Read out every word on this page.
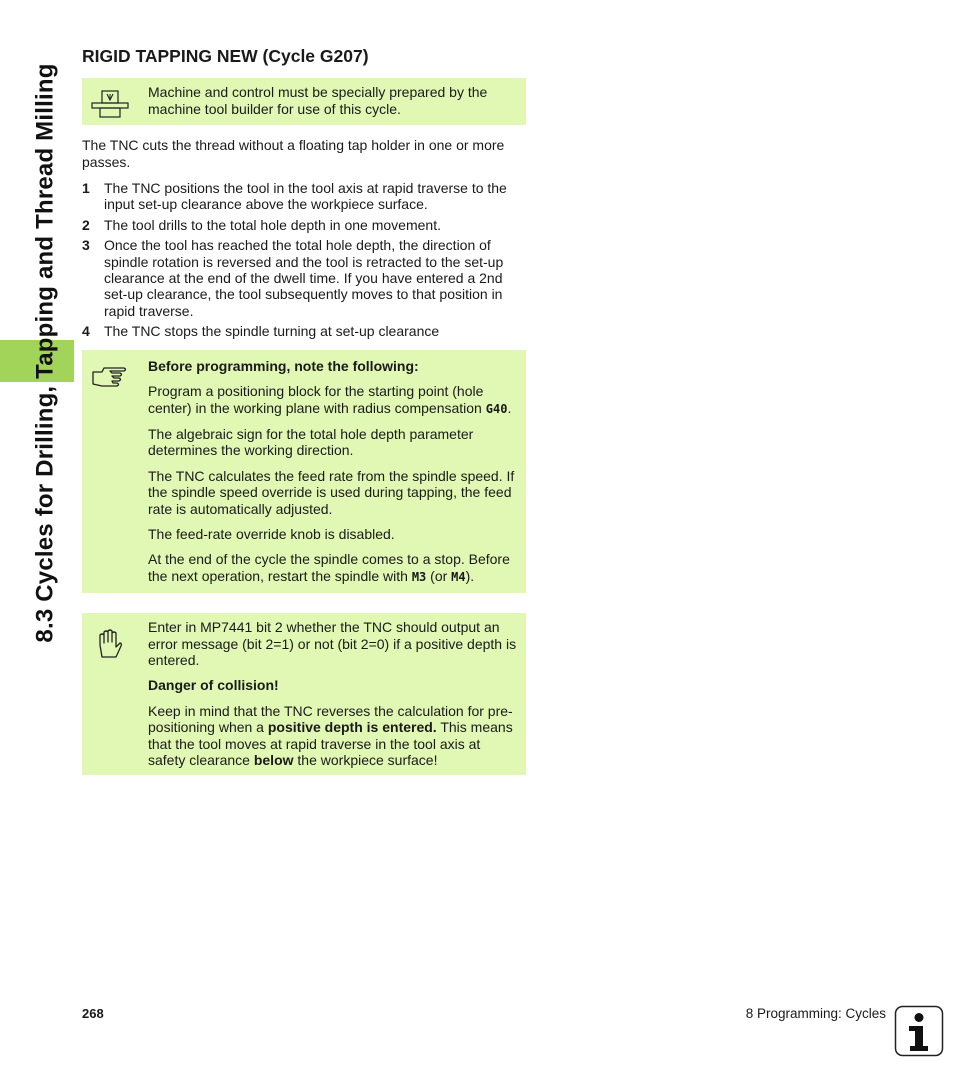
8.3 Cycles for Drilling, Tapping and Thread Milling
RIGID TAPPING NEW (Cycle G207)

Machine and control must be specially prepared by the machine tool builder for use of this cycle.

The TNC cuts the thread without a floating tap holder in one or more passes.

1	The TNC positions the tool in the tool axis at rapid traverse to the input set-up clearance above the workpiece surface.
2	The tool drills to the total hole depth in one movement.
3	Once the tool has reached the total hole depth, the direction of spindle rotation is reversed and the tool is retracted to the set-up clearance at the end of the dwell time. If you have entered a 2nd set-up clearance, the tool subsequently moves to that position in rapid traverse.
4	The TNC stops the spindle turning at set-up clearance

Before programming, note the following:

Program a positioning block for the starting point (hole center) in the working plane with radius compensation G40.

The algebraic sign for the total hole depth parameter determines the working direction.

The TNC calculates the feed rate from the spindle speed. If the spindle speed override is used during tapping, the feed rate is automatically adjusted.

The feed-rate override knob is disabled.

At the end of the cycle the spindle comes to a stop. Before the next operation, restart the spindle with M3 (or M4).

Enter in MP7441 bit 2 whether the TNC should output an error message (bit 2=1) or not (bit 2=0) if a positive depth is entered.

Danger of collision!

Keep in mind that the TNC reverses the calculation for pre-positioning when a positive depth is entered. This means that the tool moves at rapid traverse in the tool axis at safety clearance below the workpiece surface!

268	8 Programming: Cycles
